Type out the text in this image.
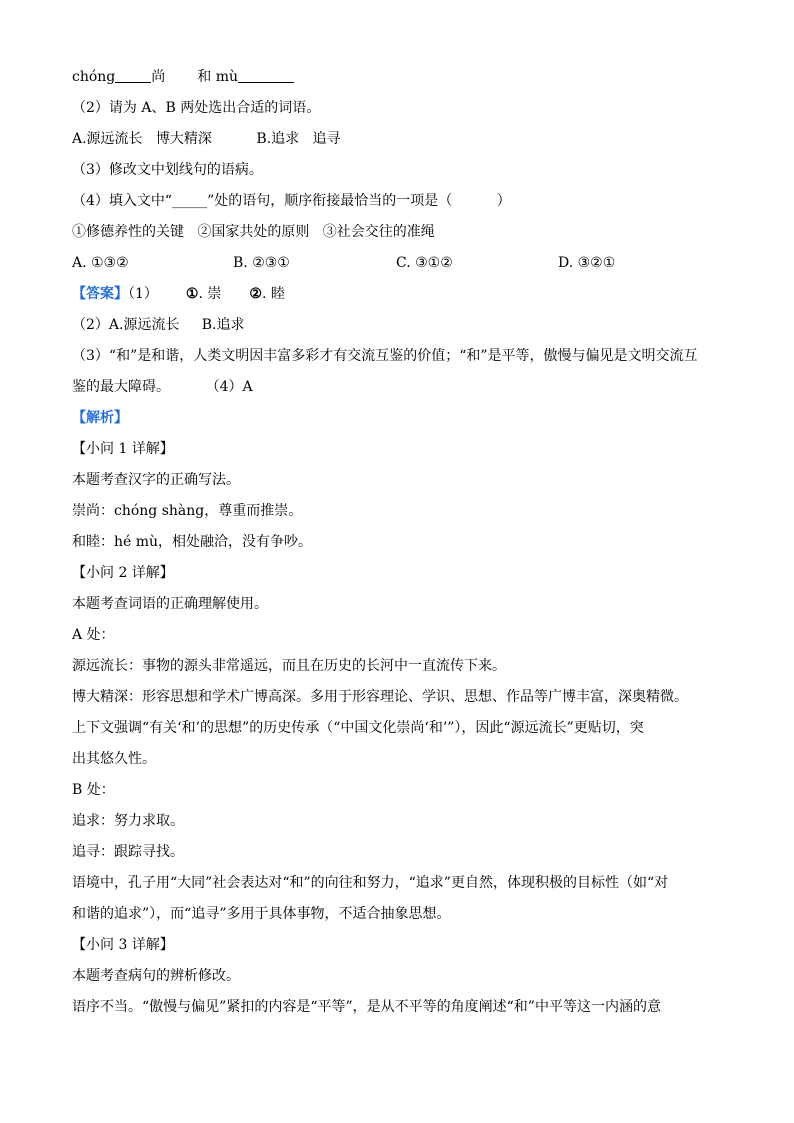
chóng	尚 和 mù
（2）请为 A、B 两处选出合适的词语。
A.源远流长   博大精深          B.追求   追寻
（3）修改文中划线句的语病。
（4）填入文中“_____”处的语句，顺序衔接最恰当的一项是（          ）
①修德养性的关键   ②国家共处的原则   ③社会交往的准绳
A. ①③②	B. ②③①	C. ③①②	D. ③②①
【答案】（1） ①. 崇 ②. 睦
（2）A.源远流长     B.追求
（3）“和”是和谐，人类文明因丰富多彩才有交流互鉴的价值；“和”是平等，傲慢与偏见是文明交流互
鉴的最大障碍。        （4）A
【解析】
【小问 1 详解】
本题考查汉字的正确写法。
崇尚：chóng shàng，尊重而推崇。
和睦：hé mù，相处融洽，没有争吵。
【小问 2 详解】
本题考查词语的正确理解使用。
A 处：
源远流长：事物的源头非常遥远，而且在历史的长河中一直流传下来。
博大精深：形容思想和学术广博高深。多用于形容理论、学识、思想、作品等广博丰富，深奥精微。
上下文强调“有关‘和’的思想”的历史传承（“中国文化崇尚‘和’”），因此“源远流长”更贴切，突
出其悠久性。
B 处：
追求：努力求取。
追寻：跟踪寻找。
语境中，孔子用“大同”社会表达对“和”的向往和努力，“追求”更自然，体现积极的目标性（如“对
和谐的追求”），而“追寻”多用于具体事物，不适合抽象思想。
【小问 3 详解】
本题考查病句的辨析修改。
语序不当。“傲慢与偏见”紧扣的内容是“平等”，是从不平等的角度阐述“和”中平等这一内涵的意
